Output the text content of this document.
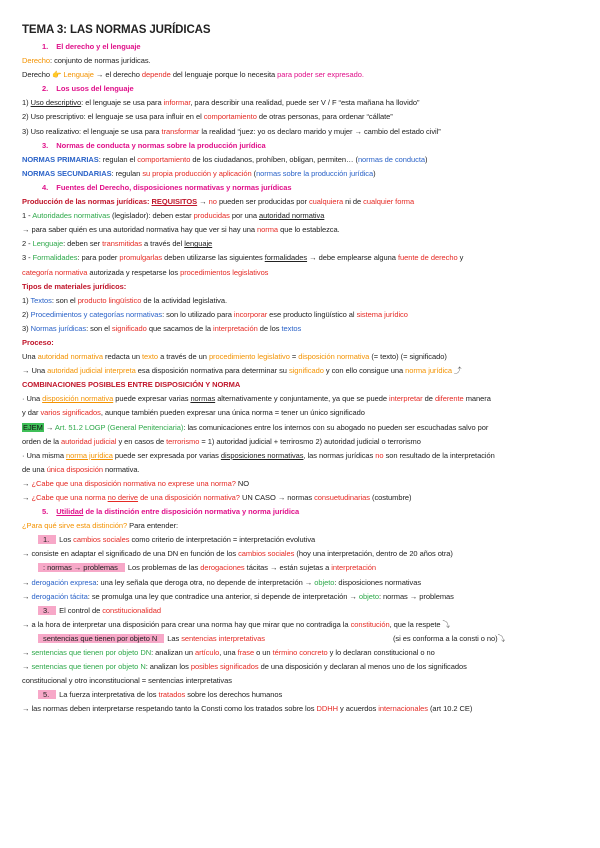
TEMA 3: LAS NORMAS JURÍDICAS
1. El derecho y el lenguaje
Derecho: conjunto de normas jurídicas.
Derecho 👉 Lenguaje → el derecho depende del lenguaje porque lo necesita para poder ser expresado.
2. Los usos del lenguaje
1) Uso descriptivo: el lenguaje se usa para informar, para describir una realidad, puede ser V / F “esta mañana ha llovido”
2) Uso prescriptivo: el lenguaje se usa para influir en el comportamiento de otras personas, para ordenar “cállate”
3) Uso realizativo: el lenguaje se usa para transformar la realidad “juez: yo os declaro marido y mujer → cambio del estado civil”
3. Normas de conducta y normas sobre la producción jurídica
NORMAS PRIMARIAS: regulan el comportamiento de los ciudadanos, prohíben, obligan, permiten… (normas de conducta)
NORMAS SECUNDARIAS: regulan su propia producción y aplicación (normas sobre la producción jurídica)
4. Fuentes del Derecho, disposiciones normativas y normas jurídicas
Producción de las normas jurídicas: REQUISITOS → no pueden ser producidas por cualquiera ni de cualquier forma
1 - Autoridades normativas (legislador): deben estar producidas por una autoridad normativa
→ para saber quién es una autoridad normativa hay que ver si hay una norma que lo establezca.
2 - Lenguaje: deben ser transmitidas a través del lenguaje
3 - Formalidades: para poder promulgarlas deben utilizarse las siguientes formalidades → debe emplearse alguna fuente de derecho y
categoría normativa autorizada y respetarse los procedimientos legislativos
Tipos de materiales jurídicos:
1) Textos: son el producto lingüístico de la actividad legislativa.
2) Procedimientos y categorías normativas: son lo utilizado para incorporar ese producto lingüístico al sistema jurídico
3) Normas jurídicas: son el significado que sacamos de la interpretación de los textos
Proceso:
Una autoridad normativa redacta un texto a través de un procedimiento legislativo = disposición normativa (= texto) (= significado)
→ Una autoridad judicial interpreta esa disposición normativa para determinar su significado y con ello consigue una norma jurídica ⤴
COMBINACIONES POSIBLES ENTRE DISPOSICIÓN Y NORMA
· Una disposición normativa puede expresar varias normas alternativamente y conjuntamente, ya que se puede interpretar de diferente manera
y dar varios significados, aunque también pueden expresar una única norma = tener un único significado
EJEM → Art. 51.2 LOGP (General Penitenciaria): las comunicaciones entre los internos con su abogado no pueden ser escuchadas salvo por
orden de la autoridad judicial y en casos de terrorismo = 1) autoridad judicial + terrirosmo 2) autoridad judicial o terrorismo
· Una misma norma jurídica puede ser expresada por varias disposiciones normativas, las normas jurídicas no son resultado de la interpretación
de una única disposición normativa.
→ ¿Cabe que una disposición normativa no exprese una norma? NO
→ ¿Cabe que una norma no derive de una disposición normativa? UN CASO → normas consuetudinarias (costumbre)
5. Utilidad de la distinción entre disposición normativa y norma jurídica
¿Para qué sirve esta distinción? Para entender:
1. Los cambios sociales como criterio de interpretación = interpretación evolutiva
→ consiste en adaptar el significado de una DN en función de los cambios sociales (hoy una interpretación, dentro de 20 años otra)
: normas → problemas Los problemas de las derogaciones tácitas → están sujetas a interpretación
→ derogación expresa: una ley señala que deroga otra, no depende de interpretación → objeto: disposiciones normativas
→ derogación tácita: se promulga una ley que contradice una anterior, si depende de interpretación → objeto: normas → problemas
3. El control de constitucionalidad
→ a la hora de interpretar una disposición para crear una norma hay que mirar que no contradiga la constitución, que la respete ⤵
sentencias que tienen por objeto N Las sentencias interpretativas	(si es conforma a la consti o no)⤵
→ sentencias que tienen por objeto DN: analizan un artículo, una frase o un término concreto y lo declaran constitucional o no
→ sentencias que tienen por objeto N: analizan los posibles significados de una disposición y declaran al menos uno de los significados
constitucional y otro inconstitucional = sentencias interpretativas
5. La fuerza interpretativa de los tratados sobre los derechos humanos
→ las normas deben interpretarse respetando tanto la Consti como los tratados sobre los DDHH y acuerdos internacionales (art 10.2 CE)
